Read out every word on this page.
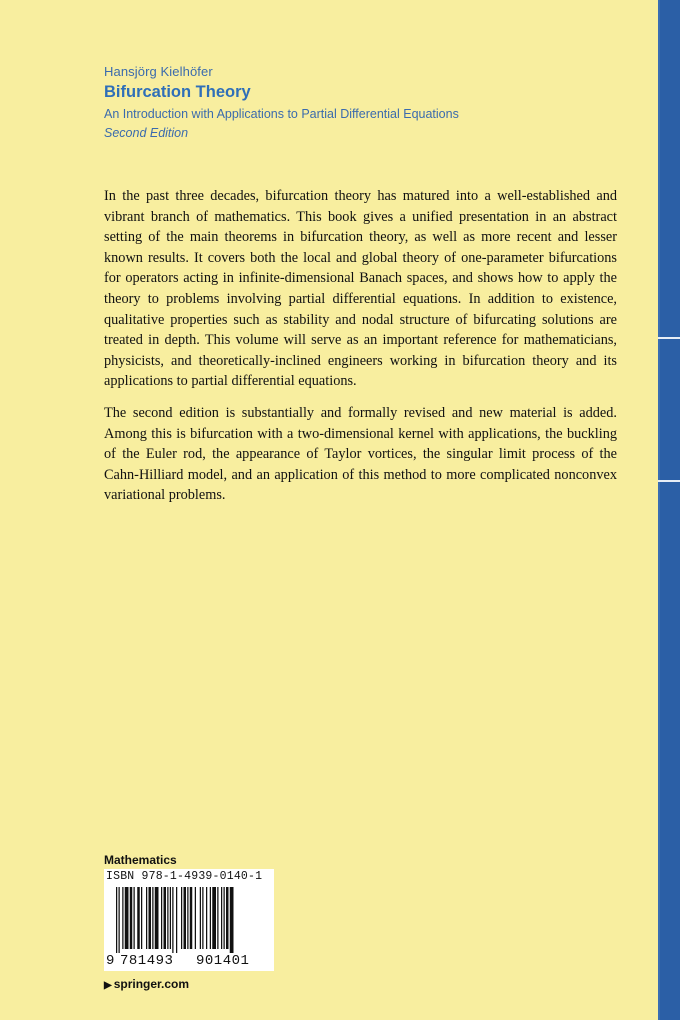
Hansjörg Kielhöfer
Bifurcation Theory
An Introduction with Applications to Partial Differential Equations
Second Edition

In the past three decades, bifurcation theory has matured into a well-established and vibrant branch of mathematics. This book gives a unified presentation in an abstract setting of the main theorems in bifurcation theory, as well as more recent and lesser known results. It covers both the local and global theory of one-parameter bifurcations for operators acting in infinite-dimensional Banach spaces, and shows how to apply the theory to problems involving partial differential equations. In addition to existence, qualitative properties such as stability and nodal structure of bifurcating solutions are treated in depth. This volume will serve as an important reference for mathematicians, physicists, and theoretically-inclined engineers working in bifurcation theory and its applications to partial differential equations.

The second edition is substantially and formally revised and new material is added. Among this is bifurcation with a two-dimensional kernel with applications, the buckling of the Euler rod, the appearance of Taylor vortices, the singular limit process of the Cahn-Hilliard model, and an application of this method to more complicated nonconvex variational problems.

Mathematics
ISBN 978-1-4939-0140-1
9 781493 901401
▶ springer.com
